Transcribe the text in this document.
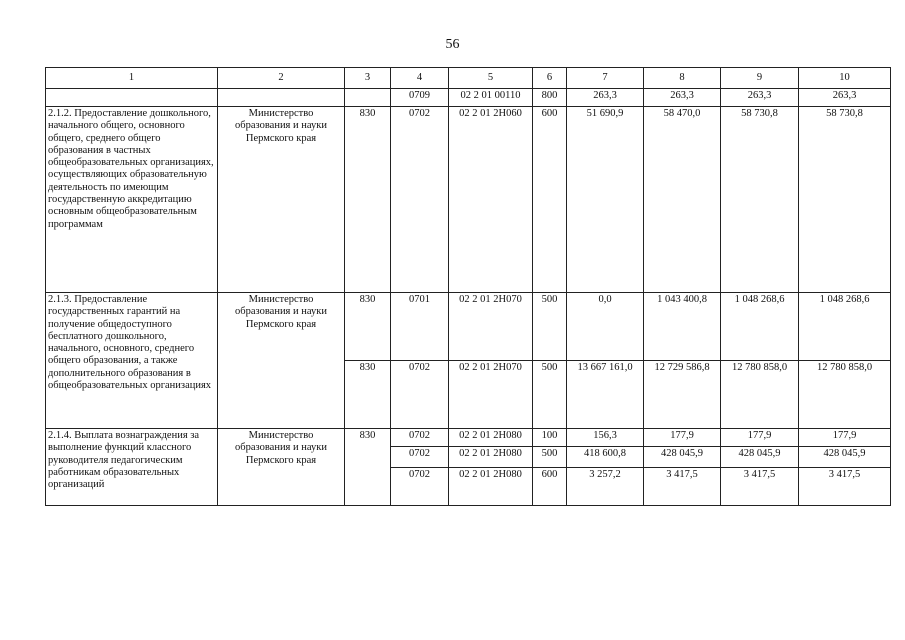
56
1	2	3	4	5	6	7	8	9	10
			0709	02 2 01 00110	800	263,3	263,3	263,3	263,3
2.1.2. Предоставление дошкольного, начального общего, основного общего, среднего общего образования в частных общеобразовательных организациях, осуществляющих образовательную деятельность по имеющим государственную аккредитацию основным общеобразовательным программам	Министерство образования и науки Пермского края	830	0702	02 2 01 2Н060	600	51 690,9	58 470,0	58 730,8	58 730,8
2.1.3. Предоставление государственных гарантий на получение общедоступного бесплатного дошкольного, начального, основного, среднего общего образования, а также дополнительного образования в общеобразовательных организациях	Министерство образования и науки Пермского края	830	0701	02 2 01 2Н070	500	0,0	1 043 400,8	1 048 268,6	1 048 268,6
		830	0702	02 2 01 2Н070	500	13 667 161,0	12 729 586,8	12 780 858,0	12 780 858,0
2.1.4. Выплата вознаграждения за выполнение функций классного руководителя педагогическим работникам образовательных организаций	Министерство образования и науки Пермского края	830	0702	02 2 01 2Н080	100	156,3	177,9	177,9	177,9
			0702	02 2 01 2Н080	500	418 600,8	428 045,9	428 045,9	428 045,9
			0702	02 2 01 2Н080	600	3 257,2	3 417,5	3 417,5	3 417,5
